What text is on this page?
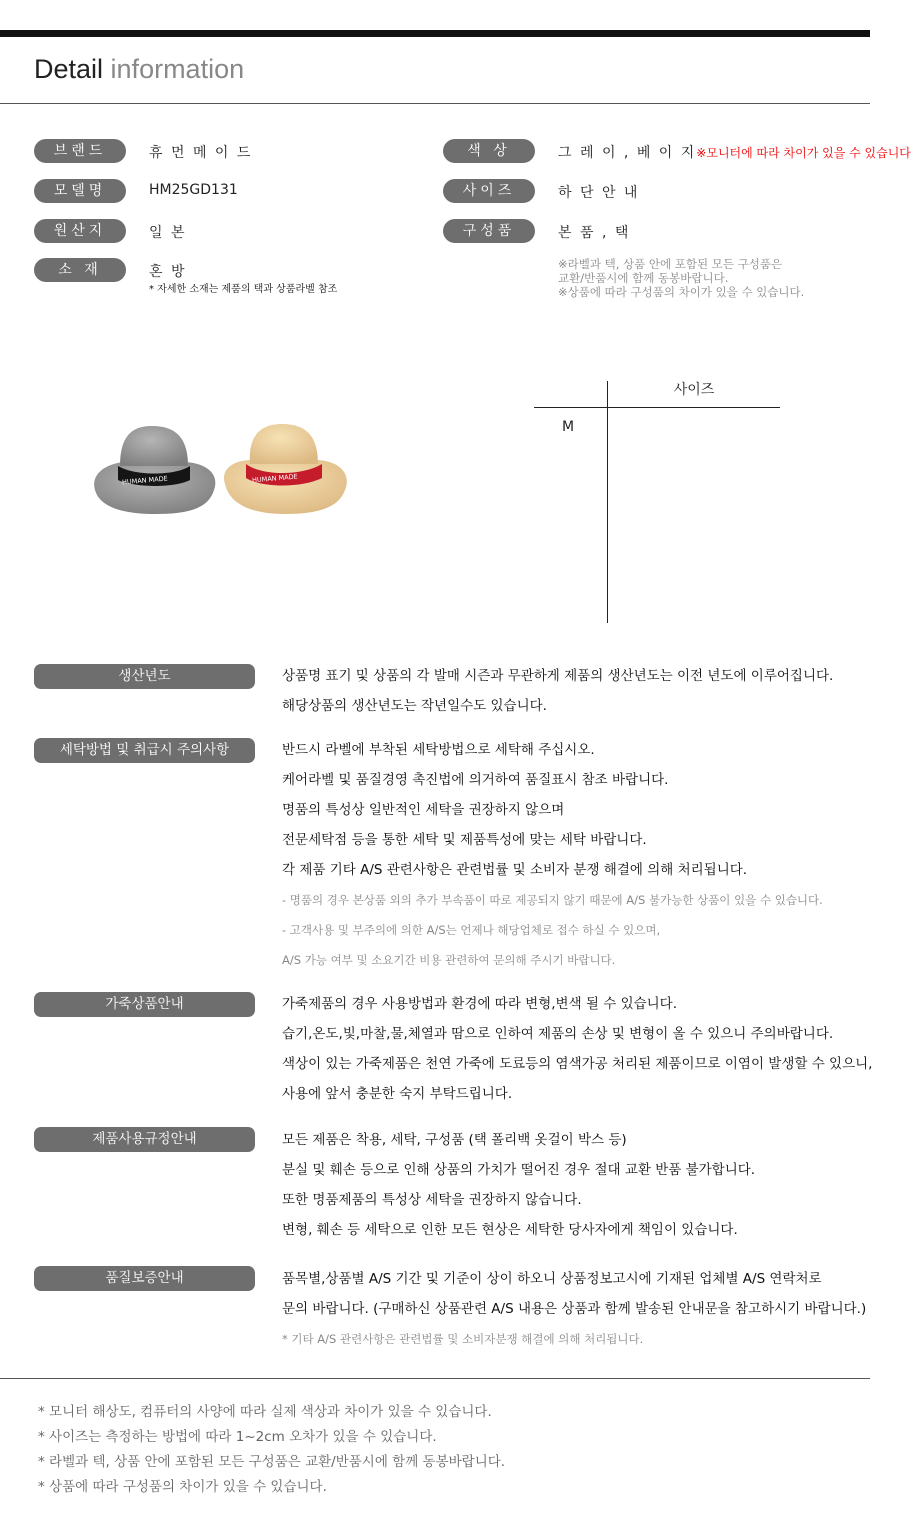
Detail information
브랜드	휴 먼 메 이 드
모델명	HM25GD131
원산지	일 본
소 재	혼 방
* 자세한 소재는 제품의 택과 상품라벨 참조
색 상	그 레 이 , 베 이 지※모니터에 따라 차이가 있을 수 있습니다
사이즈	하 단 안 내
구성품	본 품 , 택
※라벨과 텍, 상품 안에 포함된 모든 구성품은
교환/반품시에 함께 동봉바랍니다.
※상품에 따라 구성품의 차이가 있을 수 있습니다.
HUMAN MADE	HUMAN MADE
사이즈
M
생산년도	상품명 표기 및 상품의 각 발매 시즌과 무관하게 제품의 생산년도는 이전 년도에 이루어집니다.
해당상품의 생산년도는 작년일수도 있습니다.
세탁방법 및 취급시 주의사항	반드시 라벨에 부착된 세탁방법으로 세탁해 주십시오.
케어라벨 및 품질경영 촉진법에 의거하여 품질표시 참조 바랍니다.
명품의 특성상 일반적인 세탁을 권장하지 않으며
전문세탁점 등을 통한 세탁 및 제품특성에 맞는 세탁 바랍니다.
각 제품 기타 A/S 관련사항은 관련법률 및 소비자 분쟁 해결에 의해 처리됩니다.
- 명품의 경우 본상품 외의 추가 부속품이 따로 제공되지 않기 때문에 A/S 불가능한 상품이 있을 수 있습니다.
- 고객사용 및 부주의에 의한 A/S는 언제나 해당업체로 접수 하실 수 있으며,
A/S 가능 여부 및 소요기간 비용 관련하여 문의해 주시기 바랍니다.
가죽상품안내	가죽제품의 경우 사용방법과 환경에 따라 변형,변색 될 수 있습니다.
습기,온도,빛,마찰,물,체열과 땀으로 인하여 제품의 손상 및 변형이 올 수 있으니 주의바랍니다.
색상이 있는 가죽제품은 천연 가죽에 도료등의 염색가공 처리된 제품이므로 이염이 발생할 수 있으니,
사용에 앞서 충분한 숙지 부탁드립니다.
제품사용규정안내	모든 제품은 착용, 세탁, 구성품 (택 폴리백 옷걸이 박스 등)
분실 및 훼손 등으로 인해 상품의 가치가 떨어진 경우 절대 교환 반품 불가합니다.
또한 명품제품의 특성상 세탁을 권장하지 않습니다.
변형, 훼손 등 세탁으로 인한 모든 현상은 세탁한 당사자에게 책임이 있습니다.
품질보증안내	품목별,상품별 A/S 기간 및 기준이 상이 하오니 상품정보고시에 기재된 업체별 A/S 연락처로
문의 바랍니다. (구매하신 상품관련 A/S 내용은 상품과 함께 발송된 안내문을 참고하시기 바랍니다.)
* 기타 A/S 관련사항은 관련법률 및 소비자분쟁 해결에 의해 처리됩니다.
* 모니터 해상도, 컴퓨터의 사양에 따라 실제 색상과 차이가 있을 수 있습니다.
* 사이즈는 측정하는 방법에 따라 1~2cm 오차가 있을 수 있습니다.
* 라벨과 텍, 상품 안에 포함된 모든 구성품은 교환/반품시에 함께 동봉바랍니다.
* 상품에 따라 구성품의 차이가 있을 수 있습니다.
